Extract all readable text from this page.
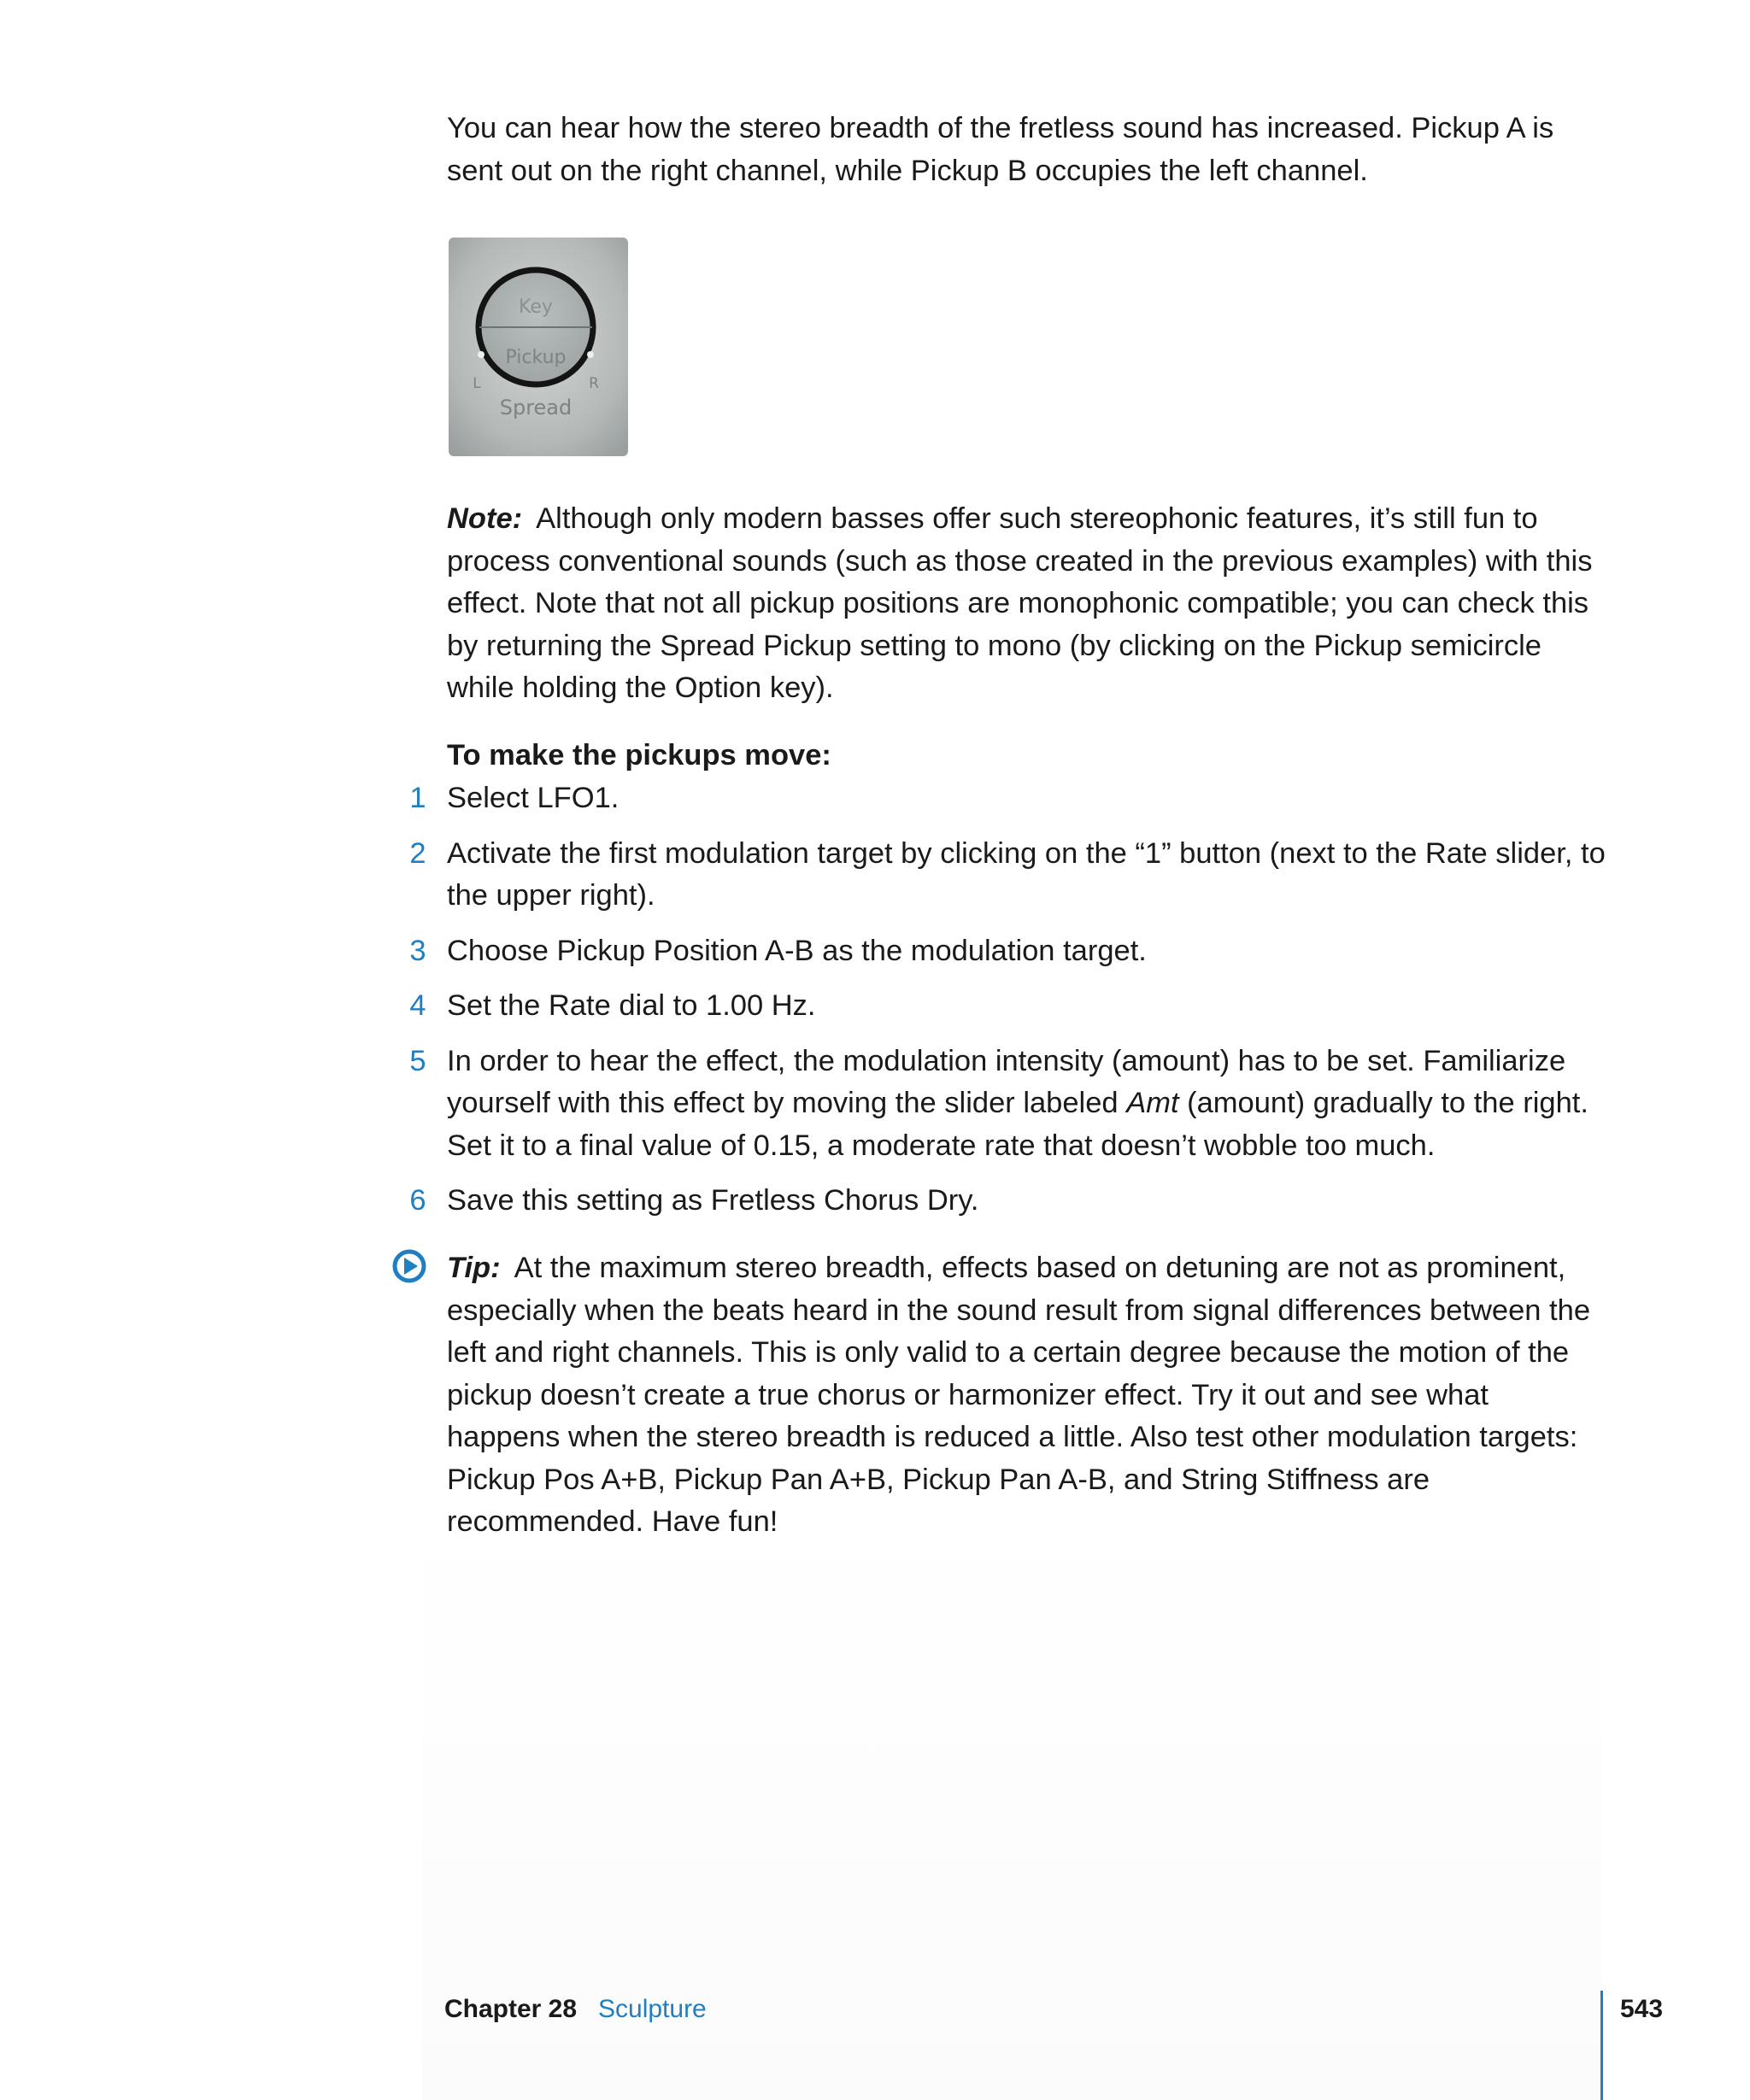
You can hear how the stereo breadth of the fretless sound has increased. Pickup A is sent out on the right channel, while Pickup B occupies the left channel.

Key
Pickup
Spread
L	R

Note: Although only modern basses offer such stereophonic features, it’s still fun to process conventional sounds (such as those created in the previous examples) with this effect. Note that not all pickup positions are monophonic compatible; you can check this by returning the Spread Pickup setting to mono (by clicking on the Pickup semicircle while holding the Option key).

To make the pickups move:

1 Select LFO1.
2 Activate the first modulation target by clicking on the “1” button (next to the Rate slider, to the upper right).
3 Choose Pickup Position A-B as the modulation target.
4 Set the Rate dial to 1.00 Hz.
5 In order to hear the effect, the modulation intensity (amount) has to be set. Familiarize yourself with this effect by moving the slider labeled Amt (amount) gradually to the right. Set it to a final value of 0.15, a moderate rate that doesn’t wobble too much.
6 Save this setting as Fretless Chorus Dry.

Tip: At the maximum stereo breadth, effects based on detuning are not as prominent, especially when the beats heard in the sound result from signal differences between the left and right channels. This is only valid to a certain degree because the motion of the pickup doesn’t create a true chorus or harmonizer effect. Try it out and see what happens when the stereo breadth is reduced a little. Also test other modulation targets: Pickup Pos A+B, Pickup Pan A+B, Pickup Pan A-B, and String Stiffness are recommended. Have fun!

Chapter 28 Sculpture	543
